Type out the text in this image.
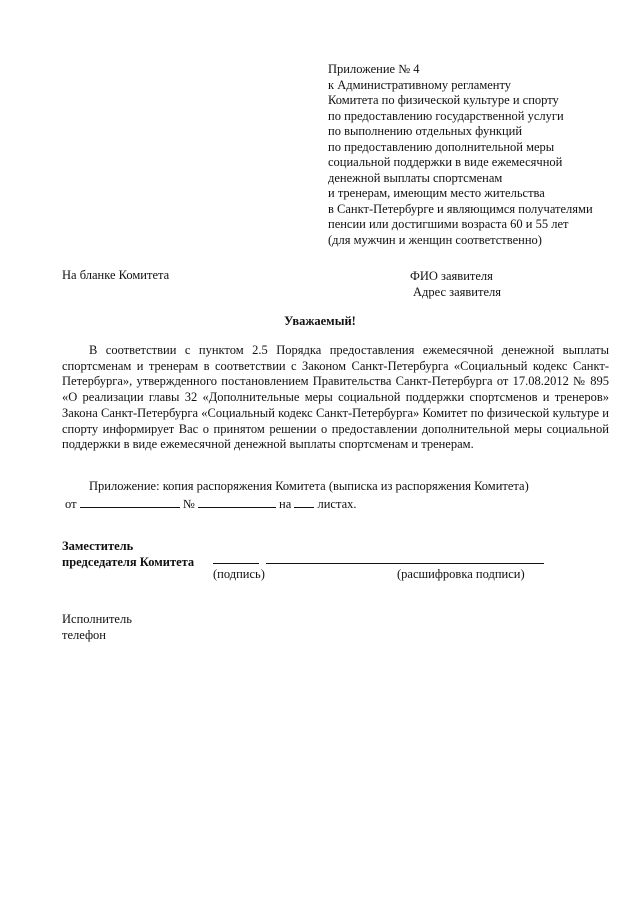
Приложение № 4
к Административному регламенту
Комитета по физической культуре и спорту
по предоставлению государственной услуги
по выполнению отдельных функций
по предоставлению дополнительной меры
социальной поддержки в виде ежемесячной
денежной выплаты спортсменам
и тренерам, имеющим место жительства
в Санкт-Петербурге и являющимся получателями
пенсии или достигшими возраста 60 и 55 лет
(для мужчин и женщин соответственно)
На бланке Комитета	ФИО заявителя
Адрес заявителя
Уважаемый!

В соответствии с пунктом 2.5 Порядка предоставления ежемесячной денежной выплаты спортсменам и тренерам в соответствии с Законом Санкт-Петербурга «Социальный кодекс Санкт-Петербурга», утвержденного постановлением Правительства Санкт-Петербурга от 17.08.2012 № 895 «О реализации главы 32 «Дополнительные меры социальной поддержки спортсменов и тренеров» Закона Санкт-Петербурга «Социальный кодекс Санкт-Петербурга» Комитет по физической культуре и спорту информирует Вас о принятом решении о предоставлении дополнительной меры социальной поддержки в виде ежемесячной денежной выплаты спортсменам и тренерам.

Приложение: копия распоряжения Комитета (выписка из распоряжения Комитета)

от	№	на листах.
Заместитель
председателя Комитета
(подпись)	(расшифровка подписи)
Исполнитель
телефон
